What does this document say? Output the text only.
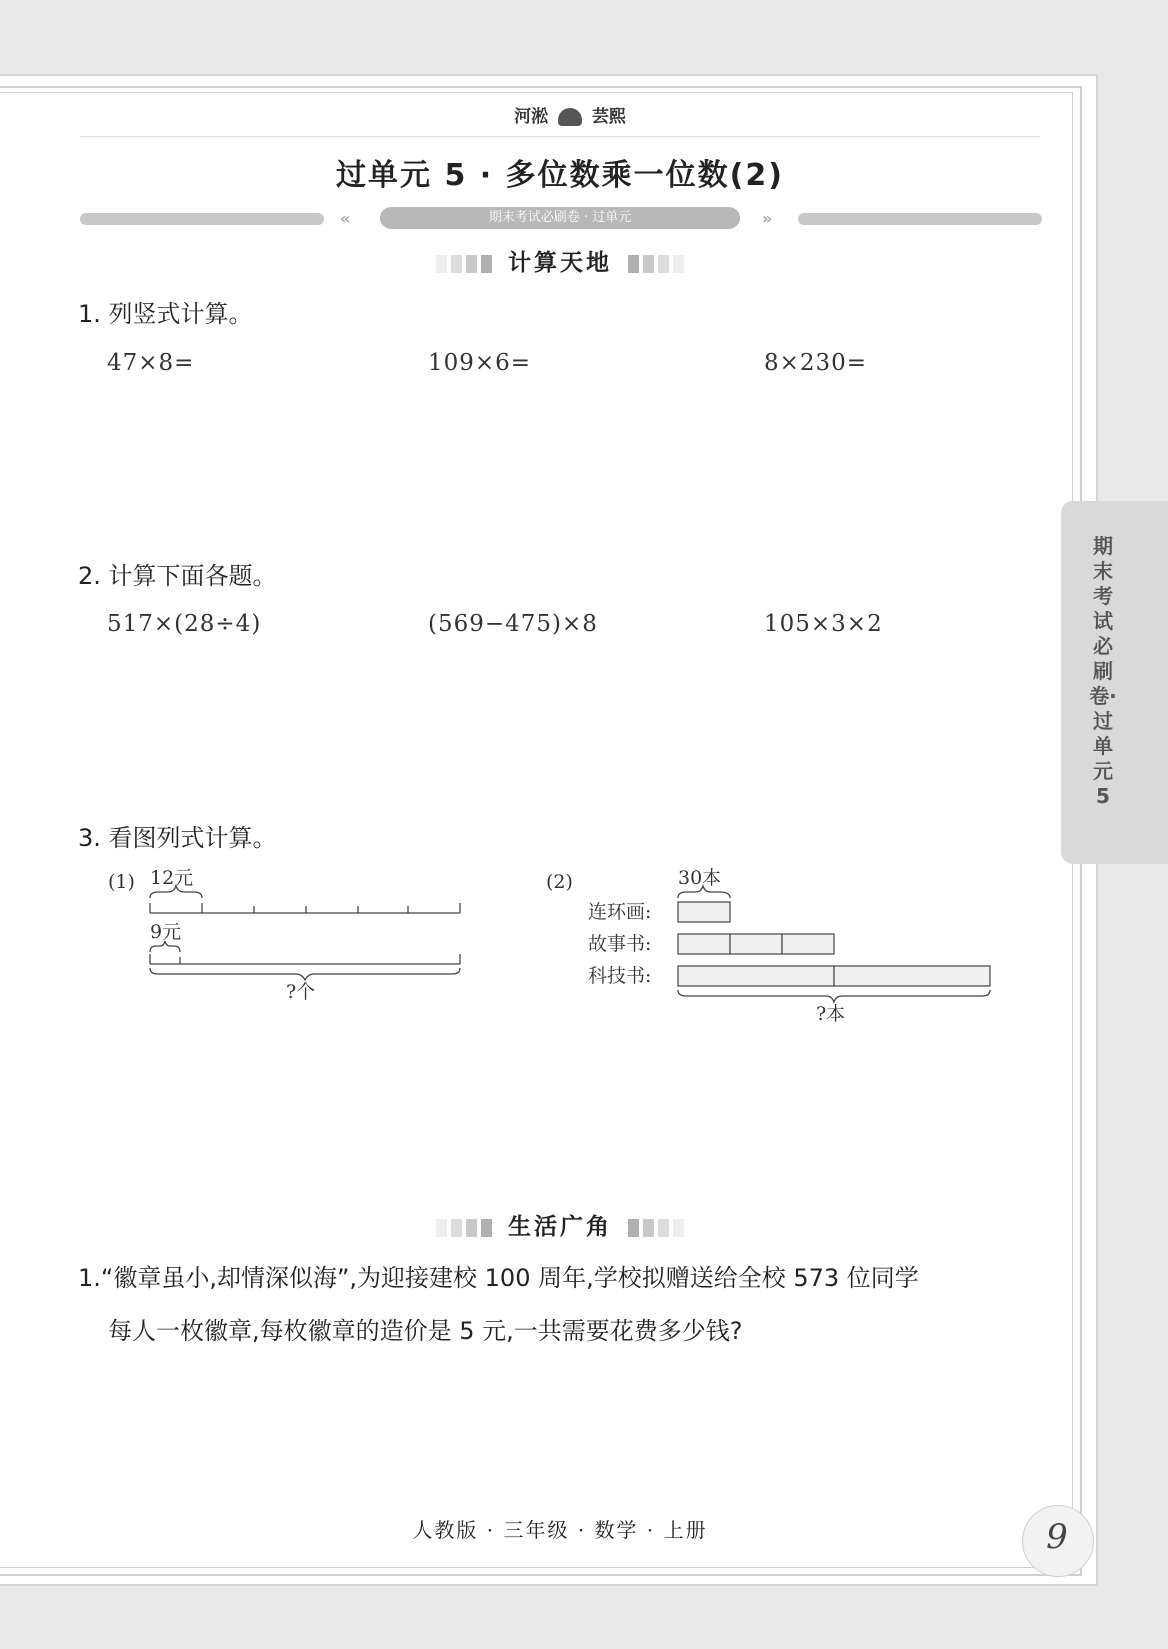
河淞	芸熙
过单元 5 · 多位数乘一位数(2)
«	期末考试必刷卷 · 过单元	»
计算天地
1. 列竖式计算。
47×8=	109×6=	8×230=
2. 计算下面各题。
517×(28÷4)	(569−475)×8	105×3×2
3. 看图列式计算。
(1) 12元
9元
?个
(2)	30本
连环画:
故事书:
科技书:
?本
生活广角
1.“徽章虽小,却情深似海”,为迎接建校 100 周年,学校拟赠送给全校 573 位同学
每人一枚徽章,每枚徽章的造价是 5 元,一共需要花费多少钱?
期末考试必刷卷·过单元5
人教版 · 三年级 · 数学 · 上册	9
